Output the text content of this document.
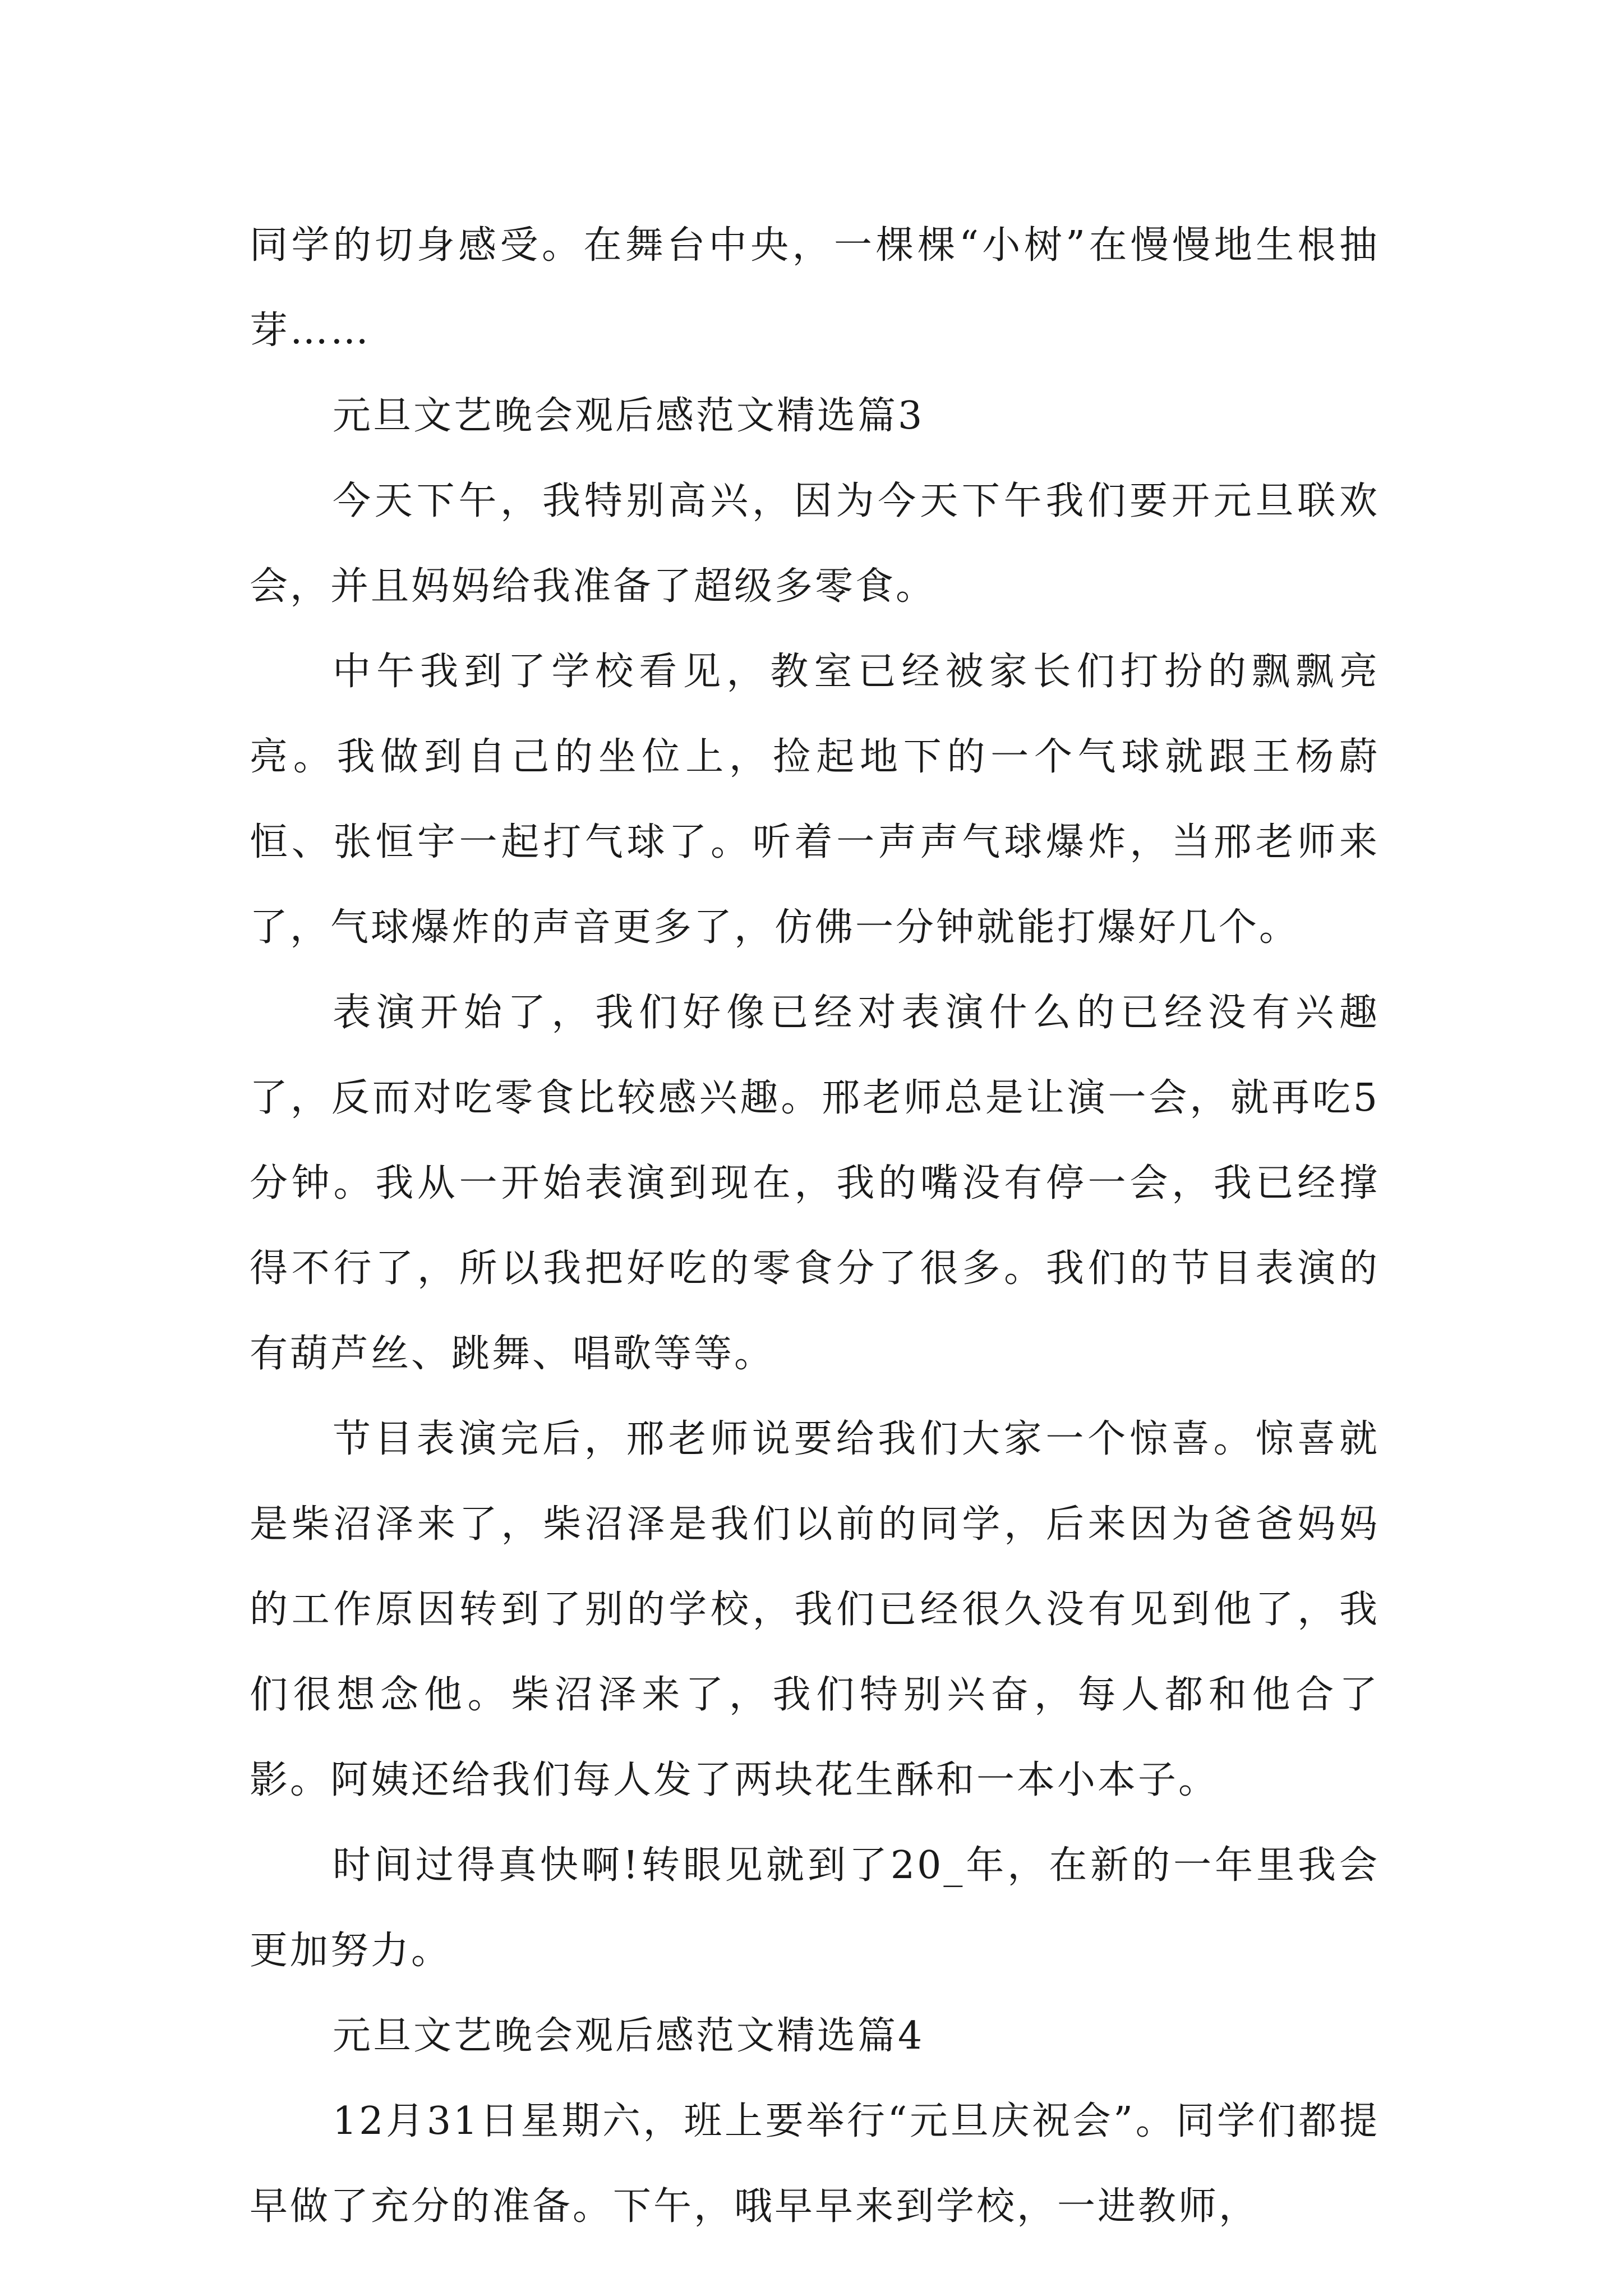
同学的切身感受。在舞台中央，一棵棵“小树”在慢慢地生根抽芽……

元旦文艺晚会观后感范文精选篇3

今天下午，我特别高兴，因为今天下午我们要开元旦联欢会，并且妈妈给我准备了超级多零食。

中午我到了学校看见，教室已经被家长们打扮的飘飘亮亮。我做到自己的坐位上，捡起地下的一个气球就跟王杨蔚恒、张恒宇一起打气球了。听着一声声气球爆炸，当邢老师来了，气球爆炸的声音更多了，仿佛一分钟就能打爆好几个。

表演开始了，我们好像已经对表演什么的已经没有兴趣了，反而对吃零食比较感兴趣。邢老师总是让演一会，就再吃5分钟。我从一开始表演到现在，我的嘴没有停一会，我已经撑得不行了，所以我把好吃的零食分了很多。我们的节目表演的有葫芦丝、跳舞、唱歌等等。

节目表演完后，邢老师说要给我们大家一个惊喜。惊喜就是柴沼泽来了，柴沼泽是我们以前的同学，后来因为爸爸妈妈的工作原因转到了别的学校，我们已经很久没有见到他了，我们很想念他。柴沼泽来了，我们特别兴奋，每人都和他合了影。阿姨还给我们每人发了两块花生酥和一本小本子。

时间过得真快啊!转眼见就到了20_年，在新的一年里我会更加努力。

元旦文艺晚会观后感范文精选篇4

12月31日星期六，班上要举行“元旦庆祝会”。同学们都提早做了充分的准备。下午，哦早早来到学校，一进教师，
